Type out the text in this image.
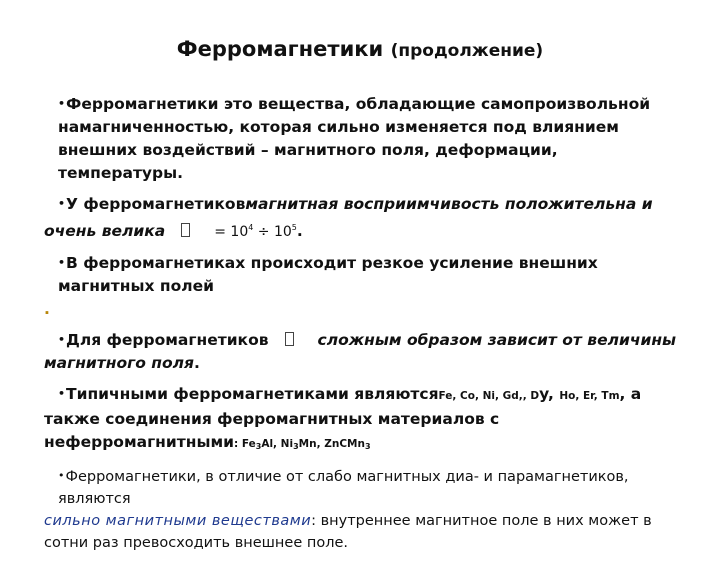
Ферромагнетики (продолжение)

•Ферромагнетики это вещества, обладающие самопроизвольной намагниченностью, которая сильно изменяется под влиянием внешних воздействий – магнитного поля, деформации, температуры.

•У ферромагнетиковмагнитная восприимчивость положительна и очень велика	= $10^4 \div 10^5$.

•В ферромагнетиках происходит резкое усиление внешних магнитных полей.

•Для ферромагнетиков	сложным образом зависит от величины магнитного поля.

•Типичными ферромагнетиками являютсяFe, Co, Ni, Gd,, Dy, Ho, Er, Tm, а также соединения ферромагнитных материалов с неферромагнитными: Fe3Al, Ni3Mn, ZnCMn3

•Ферромагнетики, в отличие от слабо магнитных диа- и парамагнетиков, являютсясильно магнитными веществами: внутреннее магнитное поле в них может в сотни раз превосходить внешнее поле.
